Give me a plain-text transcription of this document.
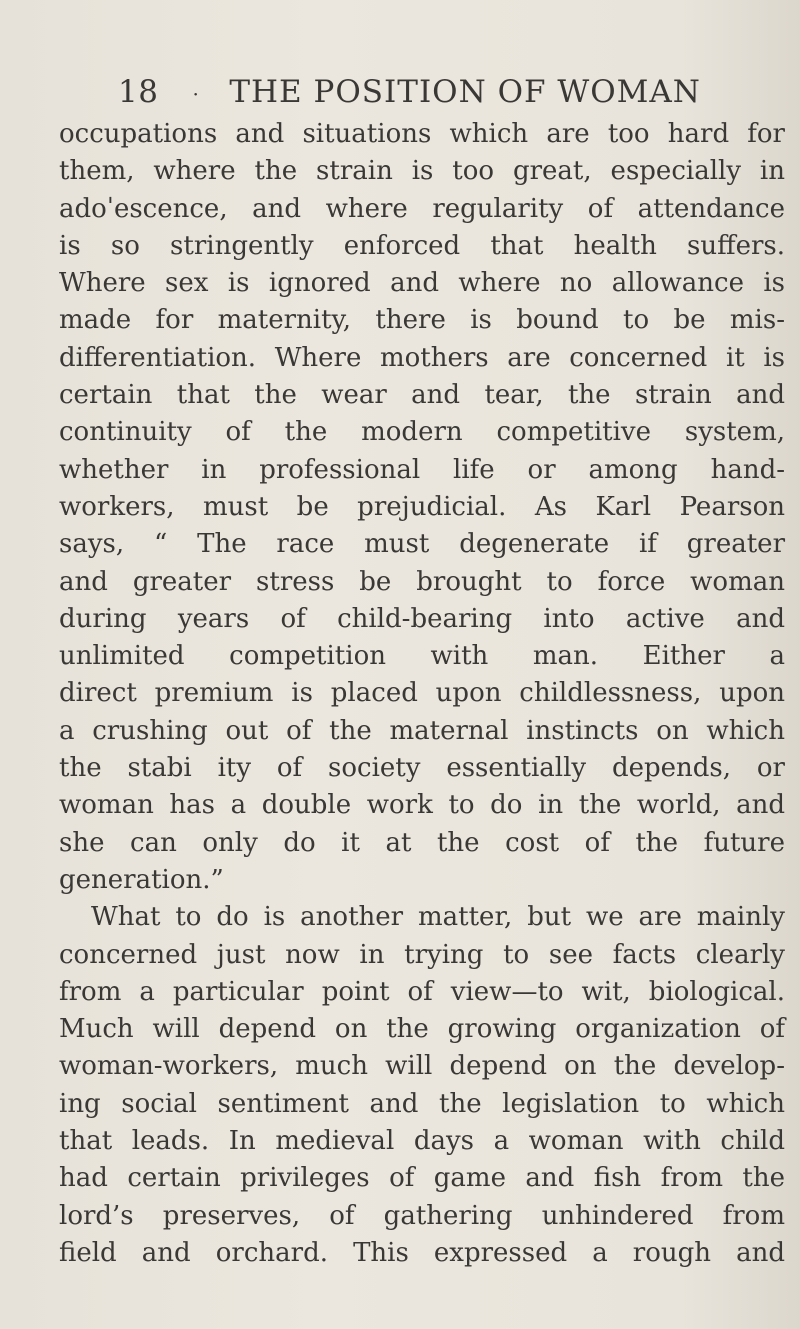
18 · THE POSITION OF WOMAN
occupations and situations which are too hard for
them, where the strain is too great, especially in
adoˈescence, and where regularity of attendance
is so stringently enforced that health suffers.
Where sex is ignored and where no allowance is
made for maternity, there is bound to be mis-
differentiation. Where mothers are concerned it is
certain that the wear and tear, the strain and
continuity of the modern competitive system,
whether in professional life or among hand-
workers, must be prejudicial. As Karl Pearson
says, “ The race must degenerate if greater
and greater stress be brought to force woman
during years of child-bearing into active and
unlimited competition with man. Either a
direct premium is placed upon childlessness, upon
a crushing out of the maternal instincts on which
the stabi ity of society essentially depends, or
woman has a double work to do in the world, and
she can only do it at the cost of the future
generation.”
What to do is another matter, but we are mainly
concerned just now in trying to see facts clearly
from a particular point of view—to wit, biological.
Much will depend on the growing organization of
woman-workers, much will depend on the develop-
ing social sentiment and the legislation to which
that leads. In medieval days a woman with child
had certain privileges of game and fish from the
lord’s preserves, of gathering unhindered from
field and orchard. This expressed a rough and
